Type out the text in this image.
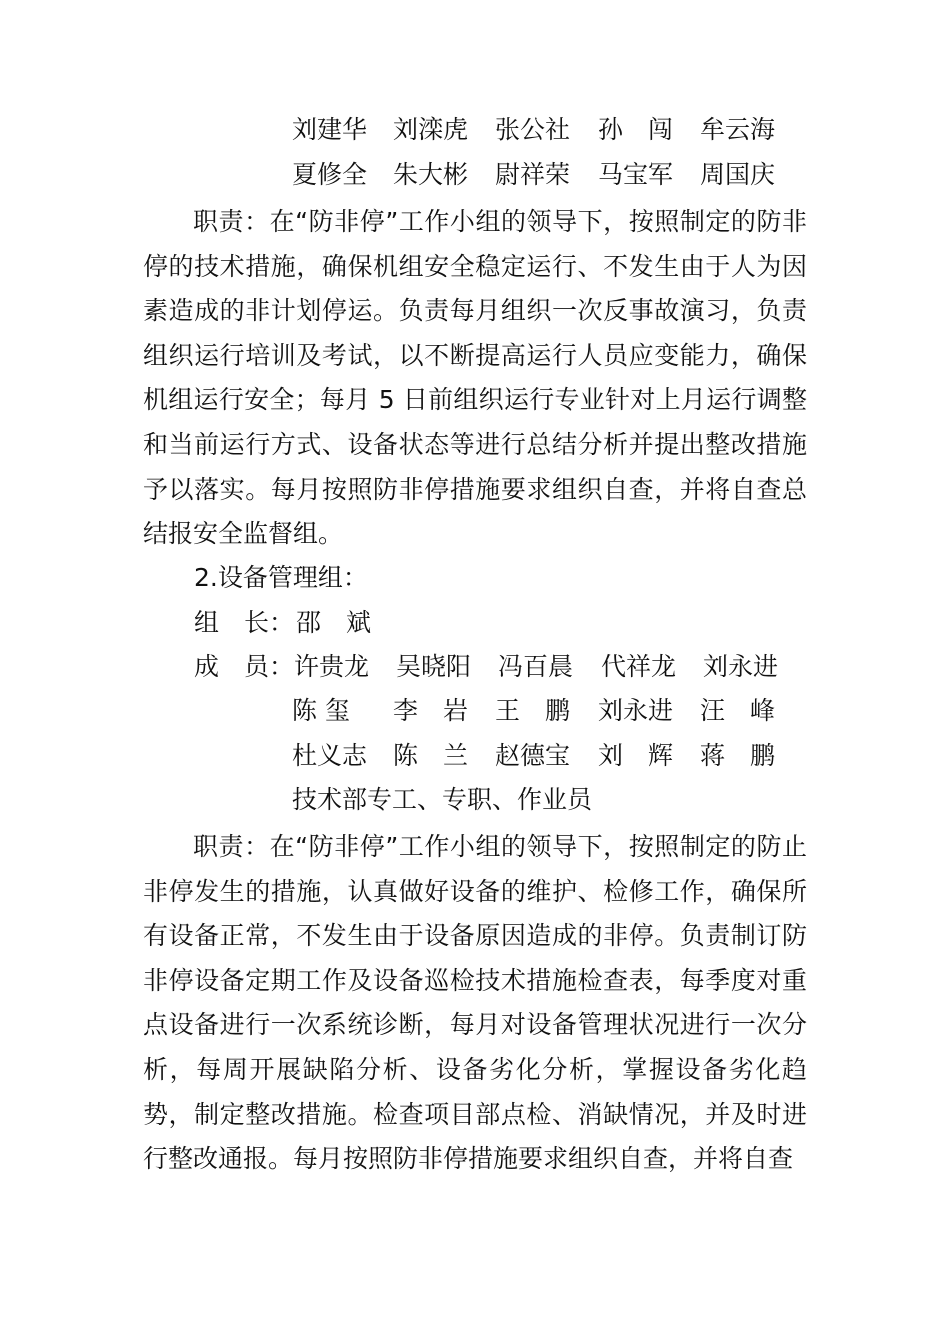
刘建华 刘滦虎 张公社 孙　闯 牟云海
夏修全 朱大彬 尉祥荣 马宝军 周国庆
职责：在“防非停”工作小组的领导下，按照制定的防非停的技术措施，确保机组安全稳定运行、不发生由于人为因素造成的非计划停运。负责每月组织一次反事故演习，负责组织运行培训及考试，以不断提高运行人员应变能力，确保机组运行安全；每月 5 日前组织运行专业针对上月运行调整和当前运行方式、设备状态等进行总结分析并提出整改措施予以落实。每月按照防非停措施要求组织自查，并将自查总结报安全监督组。
2.设备管理组：
组　长： 邵　斌
成　员： 许贵龙 吴晓阳 冯百晨 代祥龙 刘永进
陈 玺 李　岩 王　鹏 刘永进 汪　峰
杜义志 陈　兰 赵德宝 刘　辉 蒋　鹏
技术部专工、专职、作业员
职责：在“防非停”工作小组的领导下，按照制定的防止非停发生的措施，认真做好设备的维护、检修工作，确保所有设备正常，不发生由于设备原因造成的非停。负责制订防非停设备定期工作及设备巡检技术措施检查表，每季度对重点设备进行一次系统诊断，每月对设备管理状况进行一次分析，每周开展缺陷分析、设备劣化分析，掌握设备劣化趋势，制定整改措施。检查项目部点检、消缺情况，并及时进行整改通报。每月按照防非停措施要求组织自查，并将自查
